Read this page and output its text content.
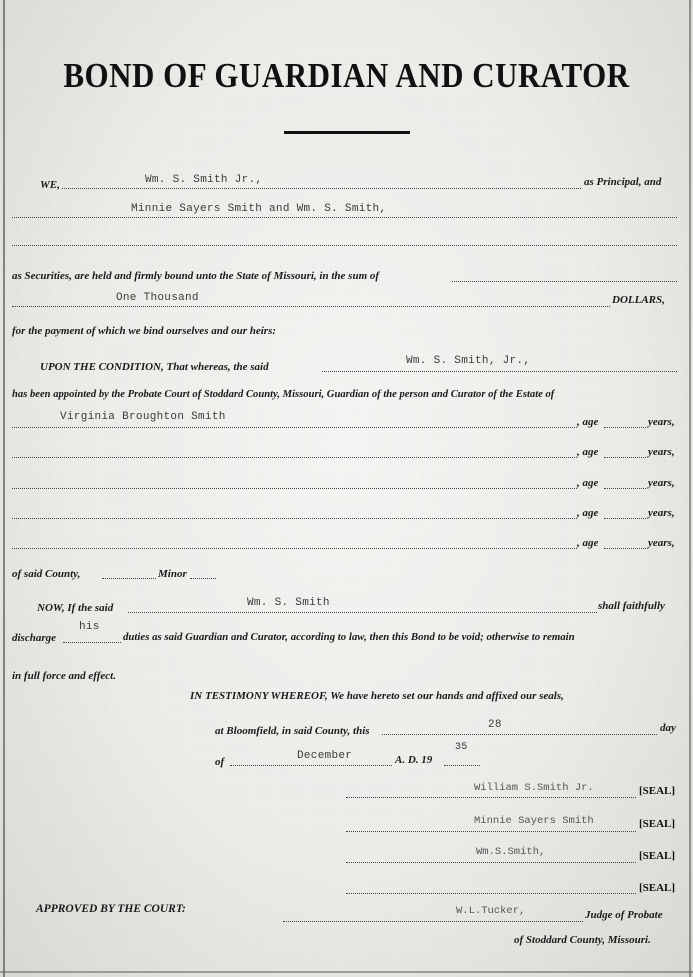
BOND OF GUARDIAN AND CURATOR
WE,	Wm. S. Smith Jr.,	as Principal, and
Minnie Sayers Smith and Wm. S. Smith,
as Securities, are held and firmly bound unto the State of Missouri, in the sum of
One Thousand	DOLLARS,
for the payment of which we bind ourselves and our heirs:
UPON THE CONDITION, That whereas, the said	Wm. S. Smith, Jr.,
has been appointed by the Probate Court of Stoddard County, Missouri, Guardian of the person and Curator of the Estate of
Virginia Broughton Smith	, age	years,
, age	years,
, age	years,
, age	years,
, age	years,
of said County,	Minor
NOW, If the said	Wm. S. Smith	shall faithfully
discharge
his
duties as said Guardian and Curator, according to law, then this Bond to be void; otherwise to remain
in full force and effect.
IN TESTIMONY WHEREOF, We have hereto set our hands and affixed our seals,
at Bloomfield, in said County, this	28	day
of	December	A. D. 19
35
William S.Smith Jr.	[SEAL]
Minnie Sayers Smith	[SEAL]
Wm.S.Smith,	[SEAL]
[SEAL]
APPROVED BY THE COURT:	W.L.Tucker,	Judge of Probate
of Stoddard County, Missouri.
